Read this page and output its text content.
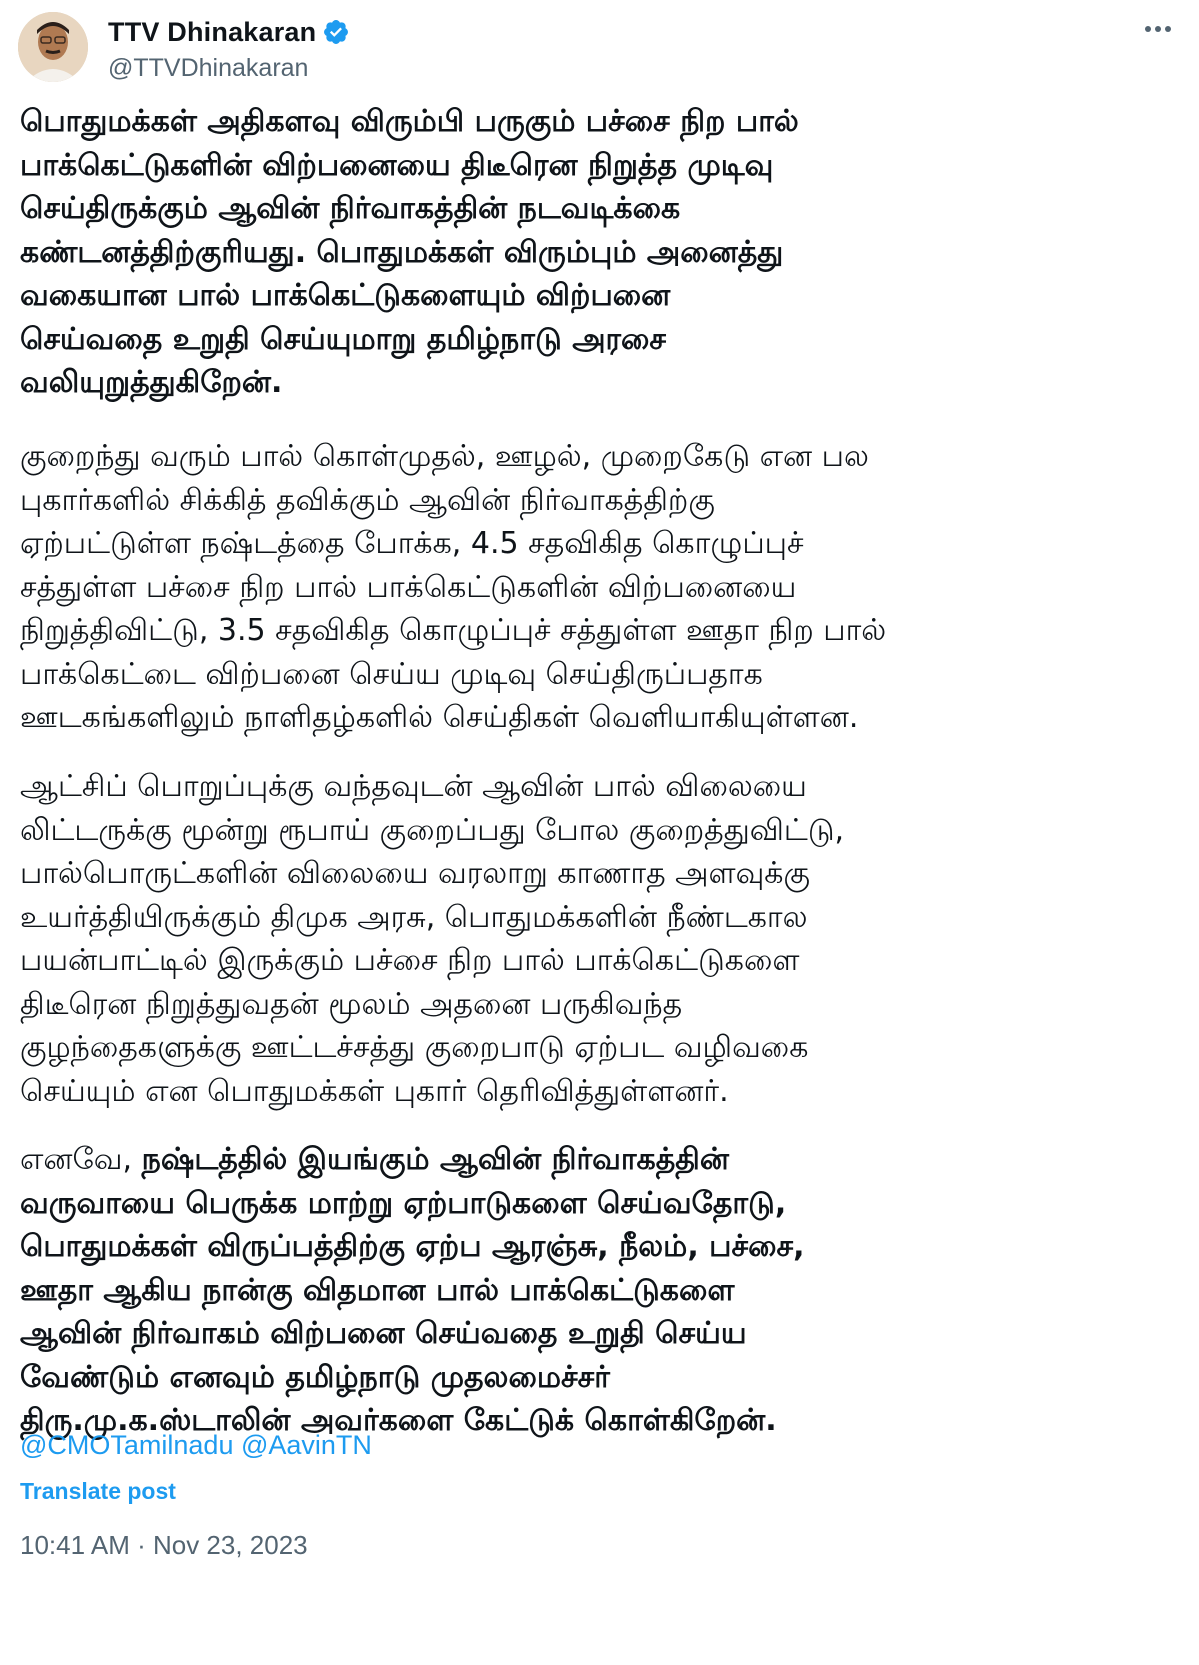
TTV Dhinakaran
@TTVDhinakaran

பொதுமக்கள் அதிகளவு விரும்பி பருகும் பச்சை நிற பால்
பாக்கெட்டுகளின் விற்பனையை திடீரென நிறுத்த முடிவு
செய்திருக்கும் ஆவின் நிர்வாகத்தின் நடவடிக்கை
கண்டனத்திற்குரியது. பொதுமக்கள் விரும்பும் அனைத்து
வகையான பால் பாக்கெட்டுகளையும் விற்பனை
செய்வதை உறுதி செய்யுமாறு தமிழ்நாடு அரசை
வலியுறுத்துகிறேன்.

குறைந்து வரும் பால் கொள்முதல், ஊழல், முறைகேடு என பல
புகார்களில் சிக்கித் தவிக்கும் ஆவின் நிர்வாகத்திற்கு
ஏற்பட்டுள்ள நஷ்டத்தை போக்க, 4.5 சதவிகித கொழுப்புச்
சத்துள்ள பச்சை நிற பால் பாக்கெட்டுகளின் விற்பனையை
நிறுத்திவிட்டு, 3.5 சதவிகித கொழுப்புச் சத்துள்ள ஊதா நிற பால்
பாக்கெட்டை விற்பனை செய்ய முடிவு செய்திருப்பதாக
ஊடகங்களிலும் நாளிதழ்களில் செய்திகள் வெளியாகியுள்ளன.

ஆட்சிப் பொறுப்புக்கு வந்தவுடன் ஆவின் பால் விலையை
லிட்டருக்கு மூன்று ரூபாய் குறைப்பது போல குறைத்துவிட்டு,
பால்பொருட்களின் விலையை வரலாறு காணாத அளவுக்கு
உயர்த்தியிருக்கும் திமுக அரசு, பொதுமக்களின் நீண்டகால
பயன்பாட்டில் இருக்கும் பச்சை நிற பால் பாக்கெட்டுகளை
திடீரென நிறுத்துவதன் மூலம் அதனை பருகிவந்த
குழந்தைகளுக்கு ஊட்டச்சத்து குறைபாடு ஏற்பட வழிவகை
செய்யும் என பொதுமக்கள் புகார் தெரிவித்துள்ளனர்.

எனவே, நஷ்டத்தில் இயங்கும் ஆவின் நிர்வாகத்தின்
வருவாயை பெருக்க மாற்று ஏற்பாடுகளை செய்வதோடு,
பொதுமக்கள் விருப்பத்திற்கு ஏற்ப ஆரஞ்சு, நீலம், பச்சை,
ஊதா ஆகிய நான்கு விதமான பால் பாக்கெட்டுகளை
ஆவின் நிர்வாகம் விற்பனை செய்வதை உறுதி செய்ய
வேண்டும் எனவும் தமிழ்நாடு முதலமைச்சர்
திரு.மு.க.ஸ்டாலின் அவர்களை கேட்டுக் கொள்கிறேன்.

@CMOTamilnadu @AavinTN
Translate post
10:41 AM · Nov 23, 2023
